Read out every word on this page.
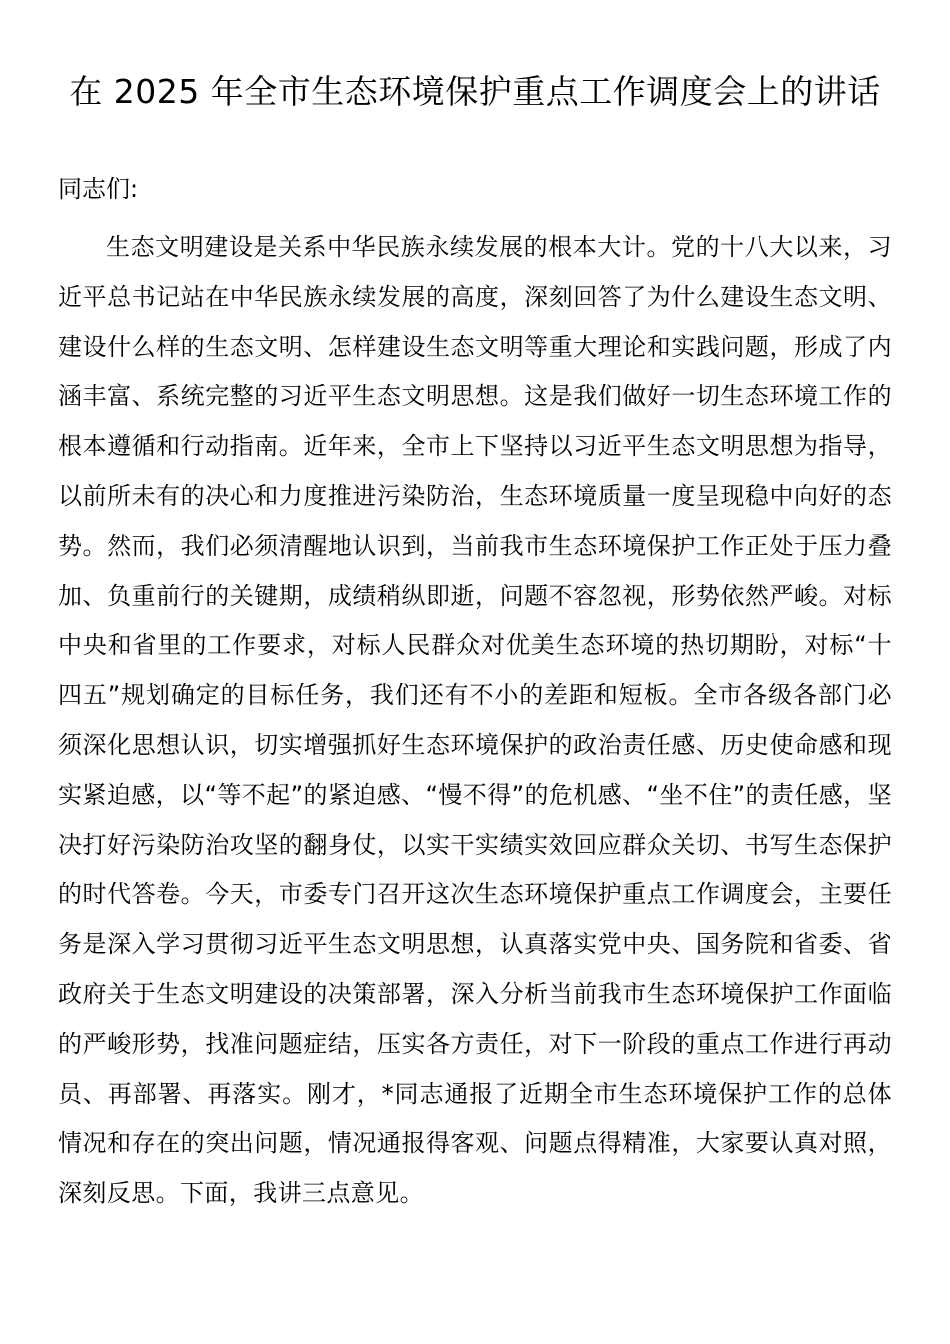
在 2025 年全市生态环境保护重点工作调度会上的讲话

同志们:

生态文明建设是关系中华民族永续发展的根本大计。党的十八大以来，习近平总书记站在中华民族永续发展的高度，深刻回答了为什么建设生态文明、建设什么样的生态文明、怎样建设生态文明等重大理论和实践问题，形成了内涵丰富、系统完整的习近平生态文明思想。这是我们做好一切生态环境工作的根本遵循和行动指南。近年来，全市上下坚持以习近平生态文明思想为指导，以前所未有的决心和力度推进污染防治，生态环境质量一度呈现稳中向好的态势。然而，我们必须清醒地认识到，当前我市生态环境保护工作正处于压力叠加、负重前行的关键期，成绩稍纵即逝，问题不容忽视，形势依然严峻。对标中央和省里的工作要求，对标人民群众对优美生态环境的热切期盼，对标“十四五”规划确定的目标任务，我们还有不小的差距和短板。全市各级各部门必须深化思想认识，切实增强抓好生态环境保护的政治责任感、历史使命感和现实紧迫感，以“等不起”的紧迫感、“慢不得”的危机感、“坐不住”的责任感，坚决打好污染防治攻坚的翻身仗，以实干实绩实效回应群众关切、书写生态保护的时代答卷。今天，市委专门召开这次生态环境保护重点工作调度会，主要任务是深入学习贯彻习近平生态文明思想，认真落实党中央、国务院和省委、省政府关于生态文明建设的决策部署，深入分析当前我市生态环境保护工作面临的严峻形势，找准问题症结，压实各方责任，对下一阶段的重点工作进行再动员、再部署、再落实。刚才，*同志通报了近期全市生态环境保护工作的总体情况和存在的突出问题，情况通报得客观、问题点得精准，大家要认真对照，深刻反思。下面，我讲三点意见。
